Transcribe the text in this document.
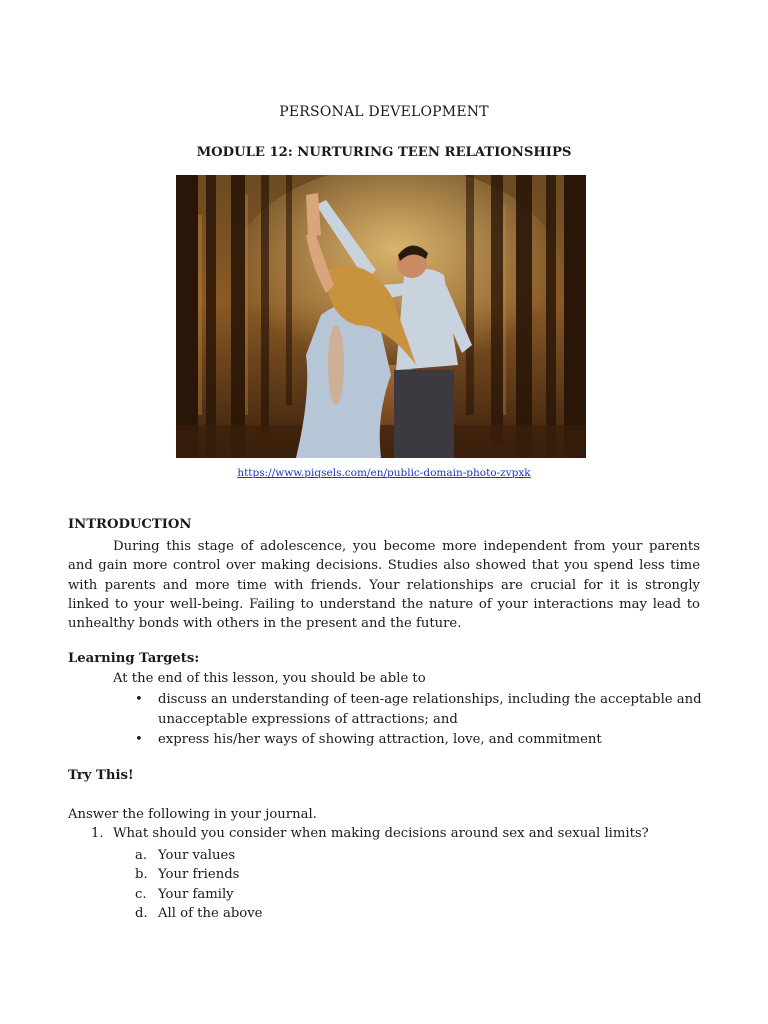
PERSONAL DEVELOPMENT
MODULE 12: NURTURING TEEN RELATIONSHIPS
https://www.piqsels.com/en/public-domain-photo-zvpxk
INTRODUCTION
During this stage of adolescence, you become more independent from your parents and gain more control over making decisions. Studies also showed that you spend less time with parents and more time with friends. Your relationships are crucial for it is strongly linked to your well-being. Failing to understand the nature of your interactions may lead to unhealthy bonds with others in the present and the future.
Learning Targets:
At the end of this lesson, you should be able to
• discuss an understanding of teen-age relationships, including the acceptable and unacceptable expressions of attractions; and
• express his/her ways of showing attraction, love, and commitment
Try This!
Answer the following in your journal.
1. What should you consider when making decisions around sex and sexual limits?
a. Your values
b. Your friends
c. Your family
d. All of the above
